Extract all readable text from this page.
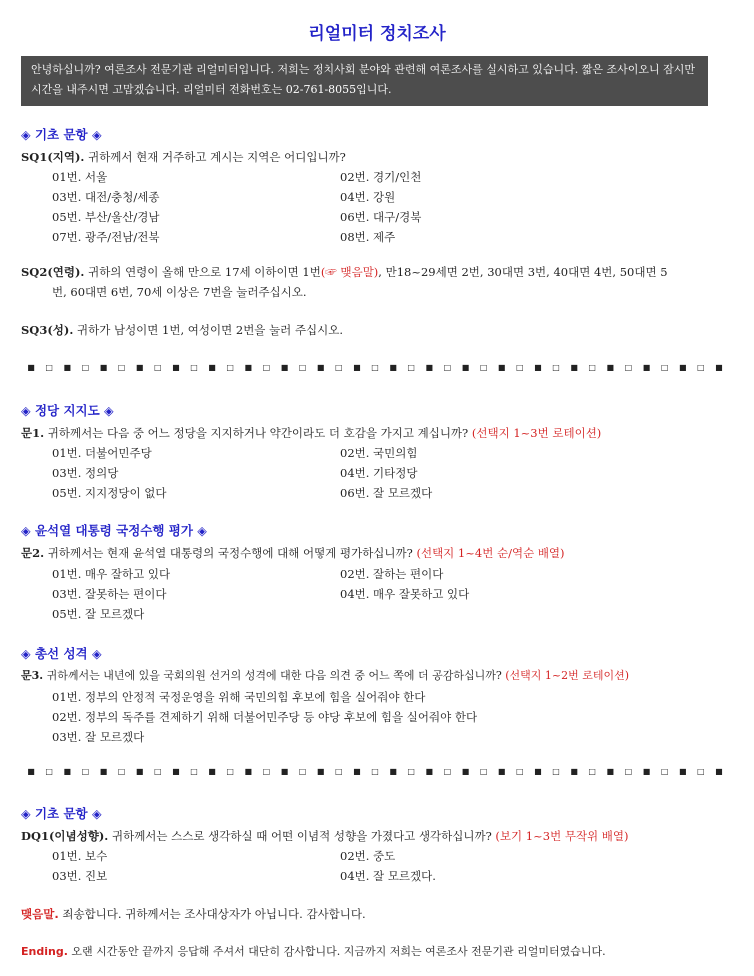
리얼미터 정치조사
안녕하십니까? 여론조사 전문기관 리얼미터입니다. 저희는 정치사회 분야와 관련해 여론조사를 실시하고 있습니다. 짧은 조사이오니 잠시만 시간을 내주시면 고맙겠습니다. 리얼미터 전화번호는 02-761-8055입니다.
◈ 기초 문항 ◈
SQ1(지역). 귀하께서 현재 거주하고 계시는 지역은 어디입니까?
01번. 서울	02번. 경기/인천
03번. 대전/충청/세종	04번. 강원
05번. 부산/울산/경남	06번. 대구/경북
07번. 광주/전남/전북	08번. 제주
SQ2(연령). 귀하의 연령이 올해 만으로 17세 이하이면 1번(☞ 맺음말), 만18~29세면 2번, 30대면 3번, 40대면 4번, 50대면 5
번, 60대면 6번, 70세 이상은 7번을 눌러주십시오.
SQ3(성). 귀하가 남성이면 1번, 여성이면 2번을 눌러 주십시오.
■ □ ■ □ ■ □ ■ □ ■ □ ■ □ ■ □ ■ □ ■ □ ■ □ ■ □ ■ □ ■ □ ■ □ ■ □ ■ □ ■ □ ■ □ ■ □ ■
◈ 정당 지지도 ◈
문1. 귀하께서는 다음 중 어느 정당을 지지하거나 약간이라도 더 호감을 가지고 계십니까? (선택지 1~3번 로테이션)
01번. 더불어민주당	02번. 국민의힘
03번. 정의당	04번. 기타정당
05번. 지지정당이 없다	06번. 잘 모르겠다
◈ 윤석열 대통령 국정수행 평가 ◈
문2. 귀하께서는 현재 윤석열 대통령의 국정수행에 대해 어떻게 평가하십니까? (선택지 1~4번 순/역순 배열)
01번. 매우 잘하고 있다	02번. 잘하는 편이다
03번. 잘못하는 편이다	04번. 매우 잘못하고 있다
05번. 잘 모르겠다
◈ 총선 성격 ◈
문3. 귀하께서는 내년에 있을 국회의원 선거의 성격에 대한 다음 의견 중 어느 쪽에 더 공감하십니까? (선택지 1~2번 로테이션)
01번. 정부의 안정적 국정운영을 위해 국민의힘 후보에 힘을 실어줘야 한다
02번. 정부의 독주를 견제하기 위해 더불어민주당 등 야당 후보에 힘을 실어줘야 한다
03번. 잘 모르겠다
■ □ ■ □ ■ □ ■ □ ■ □ ■ □ ■ □ ■ □ ■ □ ■ □ ■ □ ■ □ ■ □ ■ □ ■ □ ■ □ ■ □ ■ □ ■ □ ■
◈ 기초 문항 ◈
DQ1(이념성향). 귀하께서는 스스로 생각하실 때 어떤 이념적 성향을 가졌다고 생각하십니까? (보기 1~3번 무작위 배열)
01번. 보수	02번. 중도
03번. 진보	04번. 잘 모르겠다.
맺음말. 죄송합니다. 귀하께서는 조사대상자가 아닙니다. 감사합니다.
Ending. 오랜 시간동안 끝까지 응답해 주셔서 대단히 감사합니다. 지금까지 저희는 여론조사 전문기관 리얼미터였습니다.
